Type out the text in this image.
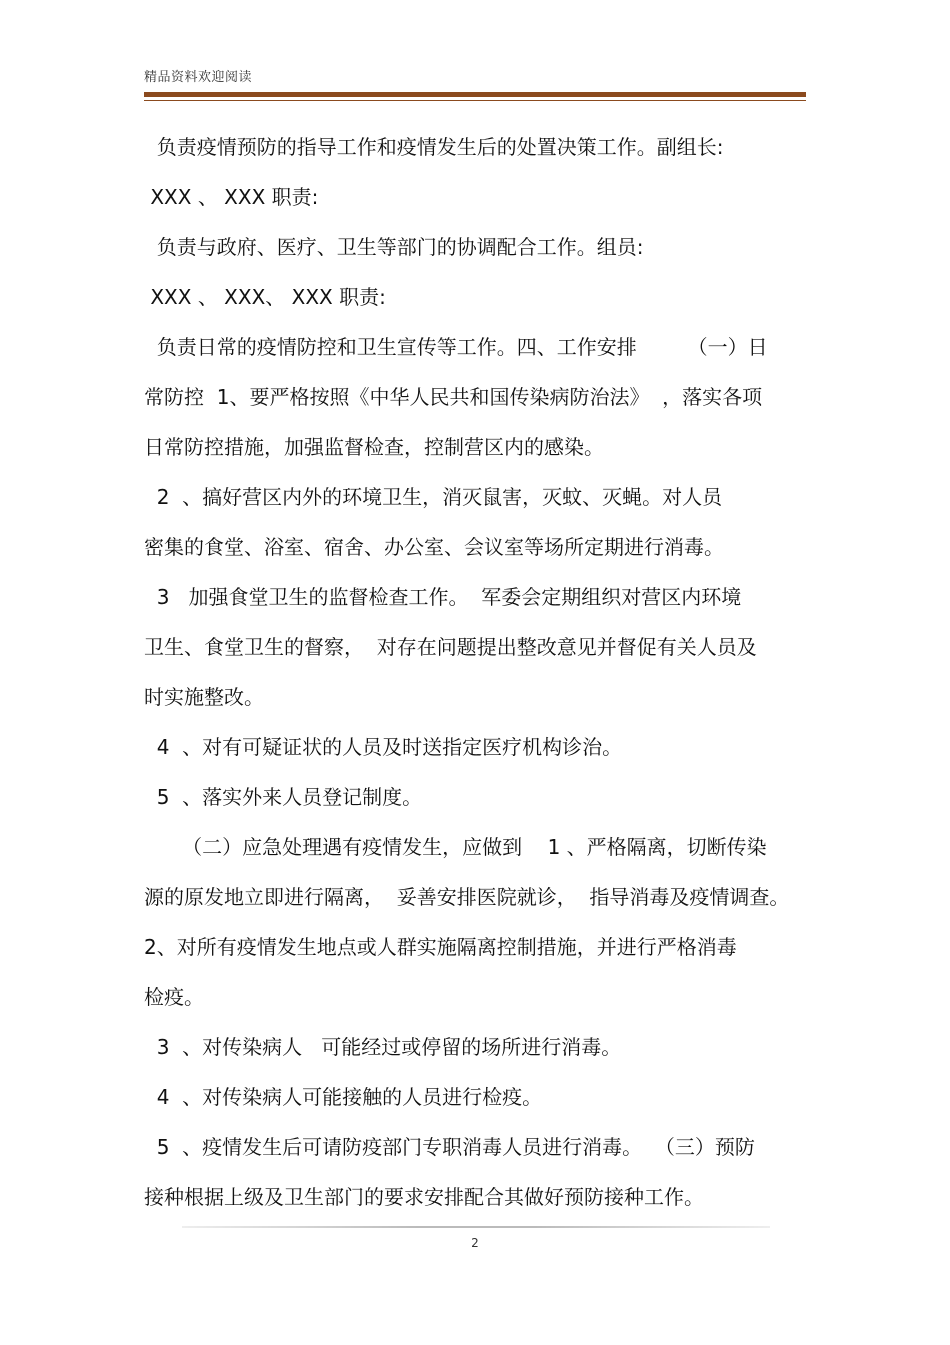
精品资料欢迎阅读
负责疫情预防的指导工作和疫情发生后的处置决策工作。副组长:
XXX 、 XXX 职责:
负责与政府、医疗、卫生等部门的协调配合工作。组员:
XXX 、 XXX、 XXX 职责:
负责日常的疫情防控和卫生宣传等工作。四、工作安排        （一）日
常防控  1、要严格按照《中华人民共和国传染病防治法》  ，落实各项
日常防控措施，加强监督检查，控制营区内的感染。
2  、搞好营区内外的环境卫生，消灭鼠害，灭蚊、灭蝇。对人员
密集的食堂、浴室、宿舍、办公室、会议室等场所定期进行消毒。
3   加强食堂卫生的监督检查工作。  军委会定期组织对营区内环境
卫生、食堂卫生的督察，  对存在问题提出整改意见并督促有关人员及
时实施整改。
4  、对有可疑证状的人员及时送指定医疗机构诊治。
5  、落实外来人员登记制度。
（二）应急处理遇有疫情发生，应做到    1 、严格隔离，切断传染
源的原发地立即进行隔离，  妥善安排医院就诊，  指导消毒及疫情调查。
2、对所有疫情发生地点或人群实施隔离控制措施，并进行严格消毒
检疫。
3  、对传染病人   可能经过或停留的场所进行消毒。
4  、对传染病人可能接触的人员进行检疫。
5  、疫情发生后可请防疫部门专职消毒人员进行消毒。  （三）预防
接种根据上级及卫生部门的要求安排配合其做好预防接种工作。
2
